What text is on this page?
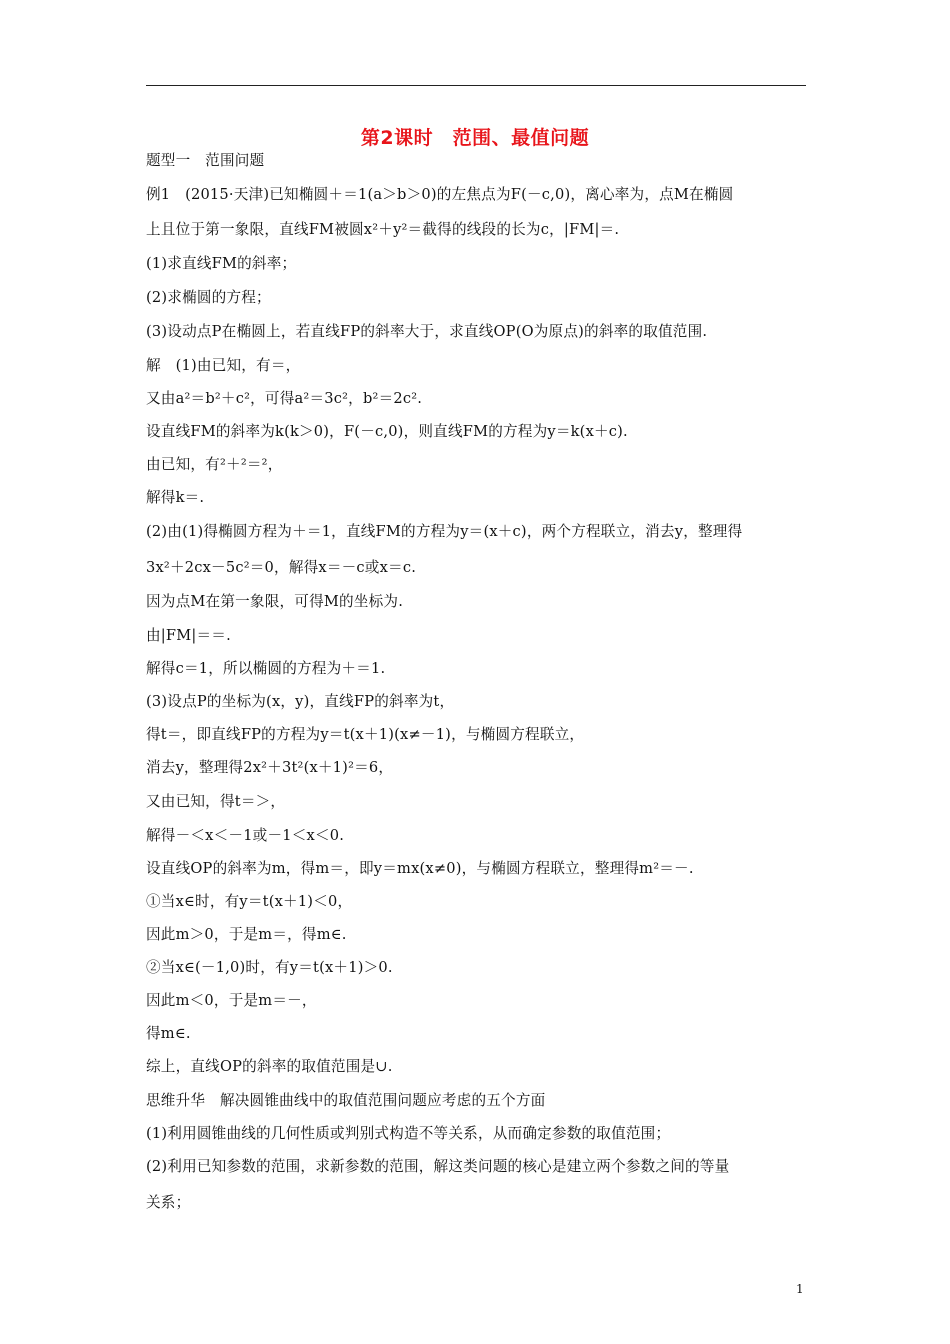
第2课时　范围、最值问题
题型一　范围问题
例1　(2015·天津)已知椭圆＋＝1(a＞b＞0)的左焦点为F(－c,0)，离心率为，点M在椭圆
上且位于第一象限，直线FM被圆x²＋y²＝截得的线段的长为c，|FM|＝.
(1)求直线FM的斜率；
(2)求椭圆的方程；
(3)设动点P在椭圆上，若直线FP的斜率大于，求直线OP(O为原点)的斜率的取值范围.
解　(1)由已知，有＝，
又由a²＝b²＋c²，可得a²＝3c²，b²＝2c².
设直线FM的斜率为k(k＞0)，F(－c,0)，则直线FM的方程为y＝k(x＋c).
由已知，有²＋²＝²，
解得k＝.
(2)由(1)得椭圆方程为＋＝1，直线FM的方程为y＝(x＋c)，两个方程联立，消去y，整理得
3x²＋2cx－5c²＝0，解得x＝－c或x＝c.
因为点M在第一象限，可得M的坐标为.
由|FM|＝＝.
解得c＝1，所以椭圆的方程为＋＝1.
(3)设点P的坐标为(x，y)，直线FP的斜率为t，
得t＝，即直线FP的方程为y＝t(x＋1)(x≠－1)，与椭圆方程联立，
消去y，整理得2x²＋3t²(x＋1)²＝6，
又由已知，得t＝＞，
解得－＜x＜－1或－1＜x＜0.
设直线OP的斜率为m，得m＝，即y＝mx(x≠0)，与椭圆方程联立，整理得m²＝－.
①当x∈时，有y＝t(x＋1)＜0，
因此m＞0，于是m＝，得m∈.
②当x∈(－1,0)时，有y＝t(x＋1)＞0.
因此m＜0，于是m＝－，
得m∈.
综上，直线OP的斜率的取值范围是∪.
思维升华　解决圆锥曲线中的取值范围问题应考虑的五个方面
(1)利用圆锥曲线的几何性质或判别式构造不等关系，从而确定参数的取值范围；
(2)利用已知参数的范围，求新参数的范围，解这类问题的核心是建立两个参数之间的等量
关系；
1
